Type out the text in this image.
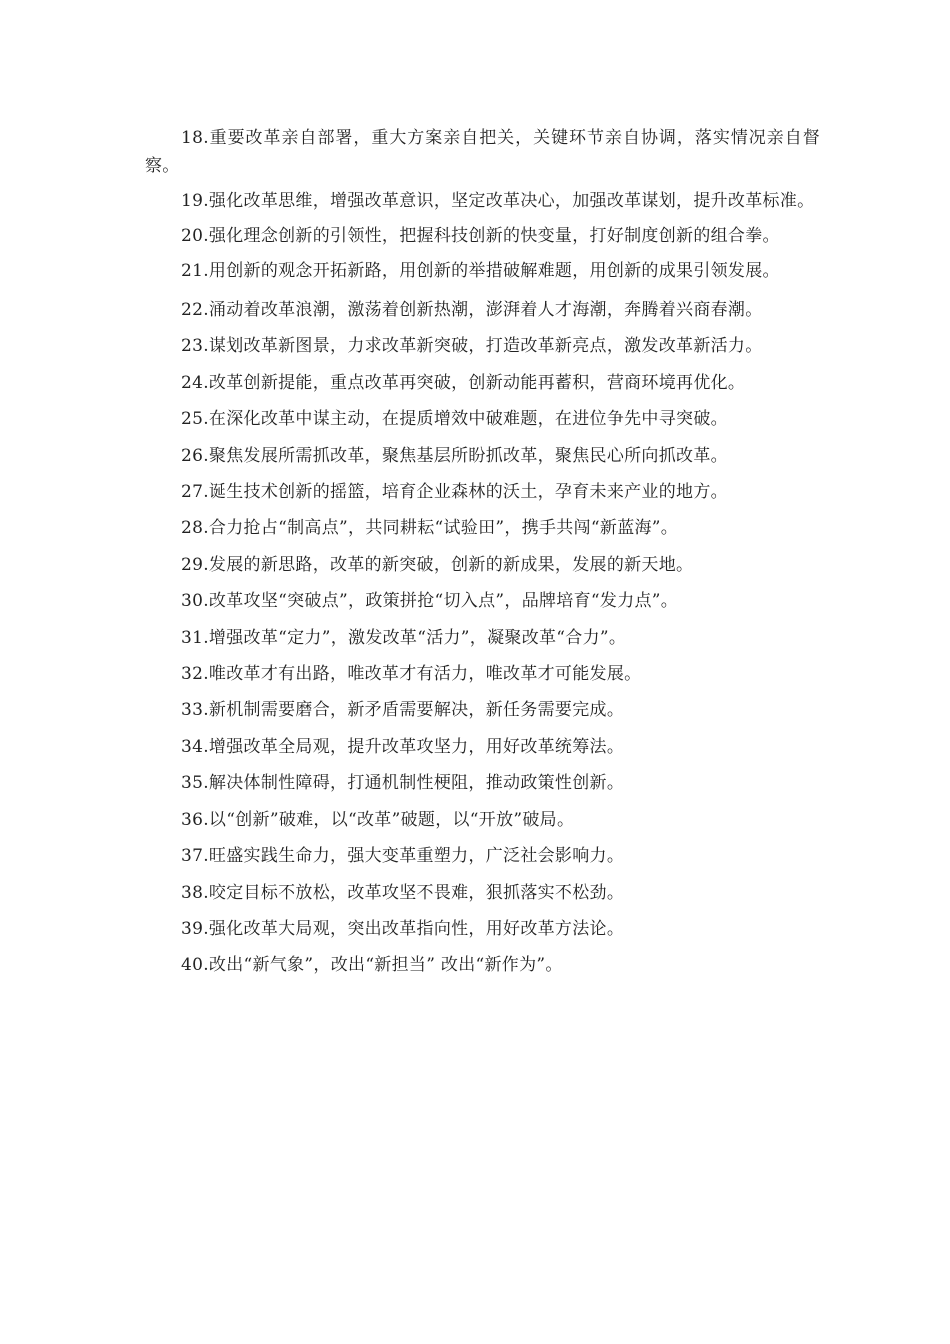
18.重要改革亲自部署，重大方案亲自把关，关键环节亲自协调，落实情况亲自督察。

19.强化改革思维，增强改革意识，坚定改革决心，加强改革谋划，提升改革标准。

20.强化理念创新的引领性，把握科技创新的快变量，打好制度创新的组合拳。

21.用创新的观念开拓新路，用创新的举措破解难题，用创新的成果引领发展。

22.涌动着改革浪潮，激荡着创新热潮，澎湃着人才海潮，奔腾着兴商春潮。

23.谋划改革新图景，力求改革新突破，打造改革新亮点，激发改革新活力。

24.改革创新提能，重点改革再突破，创新动能再蓄积，营商环境再优化。

25.在深化改革中谋主动，在提质增效中破难题，在进位争先中寻突破。

26.聚焦发展所需抓改革，聚焦基层所盼抓改革，聚焦民心所向抓改革。

27.诞生技术创新的摇篮，培育企业森林的沃土，孕育未来产业的地方。

28.合力抢占“制高点”，共同耕耘“试验田”，携手共闯“新蓝海”。

29.发展的新思路，改革的新突破，创新的新成果，发展的新天地。

30.改革攻坚“突破点”，政策拼抢“切入点”，品牌培育“发力点”。

31.增强改革“定力”，激发改革“活力”，凝聚改革“合力”。

32.唯改革才有出路，唯改革才有活力，唯改革才可能发展。

33.新机制需要磨合，新矛盾需要解决，新任务需要完成。

34.增强改革全局观，提升改革攻坚力，用好改革统筹法。

35.解决体制性障碍，打通机制性梗阻，推动政策性创新。

36.以“创新”破难，以“改革”破题，以“开放”破局。

37.旺盛实践生命力，强大变革重塑力，广泛社会影响力。

38.咬定目标不放松，改革攻坚不畏难，狠抓落实不松劲。

39.强化改革大局观，突出改革指向性，用好改革方法论。

40.改出“新气象”，改出“新担当” 改出“新作为”。
